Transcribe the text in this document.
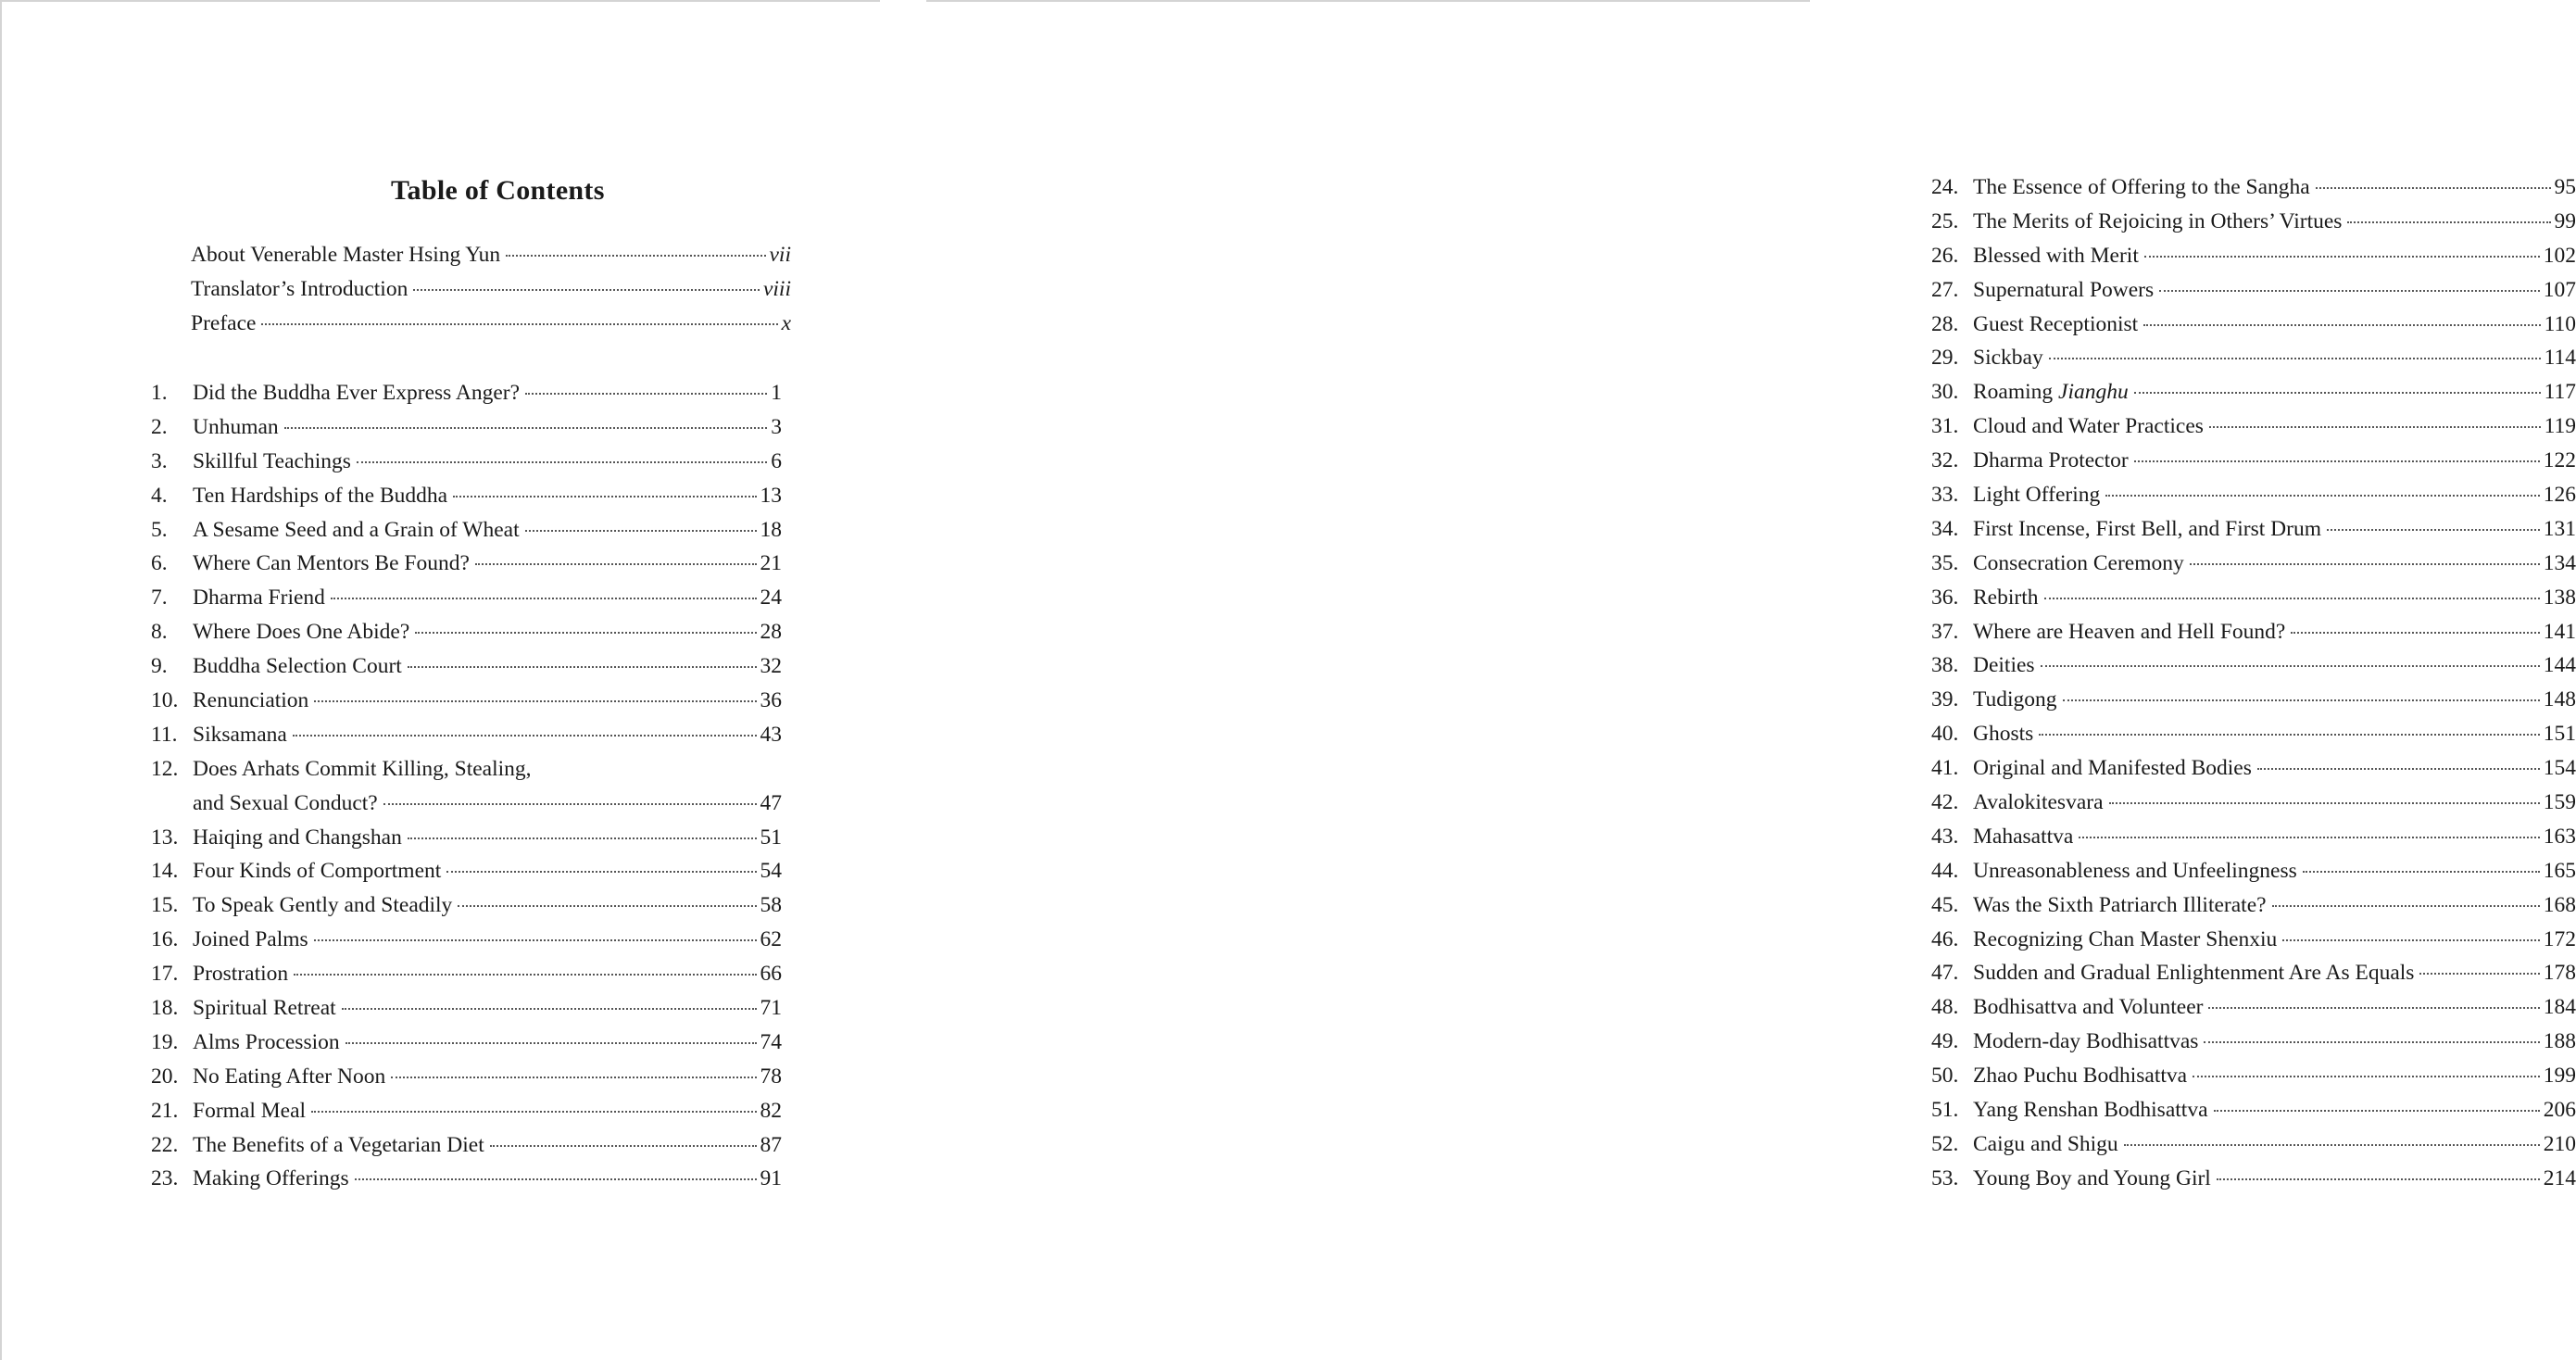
Table of Contents
About Venerable Master Hsing Yun	vii
Translator’s Introduction	viii
Preface	x
1.	Did the Buddha Ever Express Anger?	1
2.	Unhuman	3
3.	Skillful Teachings	6
4.	Ten Hardships of the Buddha	13
5.	A Sesame Seed and a Grain of Wheat	18
6.	Where Can Mentors Be Found?	21
7.	Dharma Friend	24
8.	Where Does One Abide?	28
9.	Buddha Selection Court	32
10. Renunciation	36
11. Siksamana	43
12. Does Arhats Commit Killing, Stealing,
and Sexual Conduct?	47
13. Haiqing and Changshan	51
14. Four Kinds of Comportment	54
15. To Speak Gently and Steadily	58
16. Joined Palms	62
17. Prostration	66
18. Spiritual Retreat	71
19. Alms Procession	74
20. No Eating After Noon	78
21. Formal Meal	82
22. The Benefits of a Vegetarian Diet	87
23. Making Offerings	91
24. The Essence of Offering to the Sangha	95
25. The Merits of Rejoicing in Others’ Virtues	99
26. Blessed with Merit	102
27. Supernatural Powers	107
28. Guest Receptionist	110
29. Sickbay	114
30. Roaming Jianghu	117
31. Cloud and Water Practices	119
32. Dharma Protector	122
33. Light Offering	126
34. First Incense, First Bell, and First Drum	131
35. Consecration Ceremony	134
36. Rebirth	138
37. Where are Heaven and Hell Found?	141
38. Deities	144
39. Tudigong	148
40. Ghosts	151
41. Original and Manifested Bodies	154
42. Avalokitesvara	159
43. Mahasattva	163
44. Unreasonableness and Unfeelingness	165
45. Was the Sixth Patriarch Illiterate?	168
46. Recognizing Chan Master Shenxiu	172
47. Sudden and Gradual Enlightenment Are As Equals	178
48. Bodhisattva and Volunteer	184
49. Modern-day Bodhisattvas	188
50. Zhao Puchu Bodhisattva	199
51. Yang Renshan Bodhisattva	206
52. Caigu and Shigu	210
53. Young Boy and Young Girl	214
